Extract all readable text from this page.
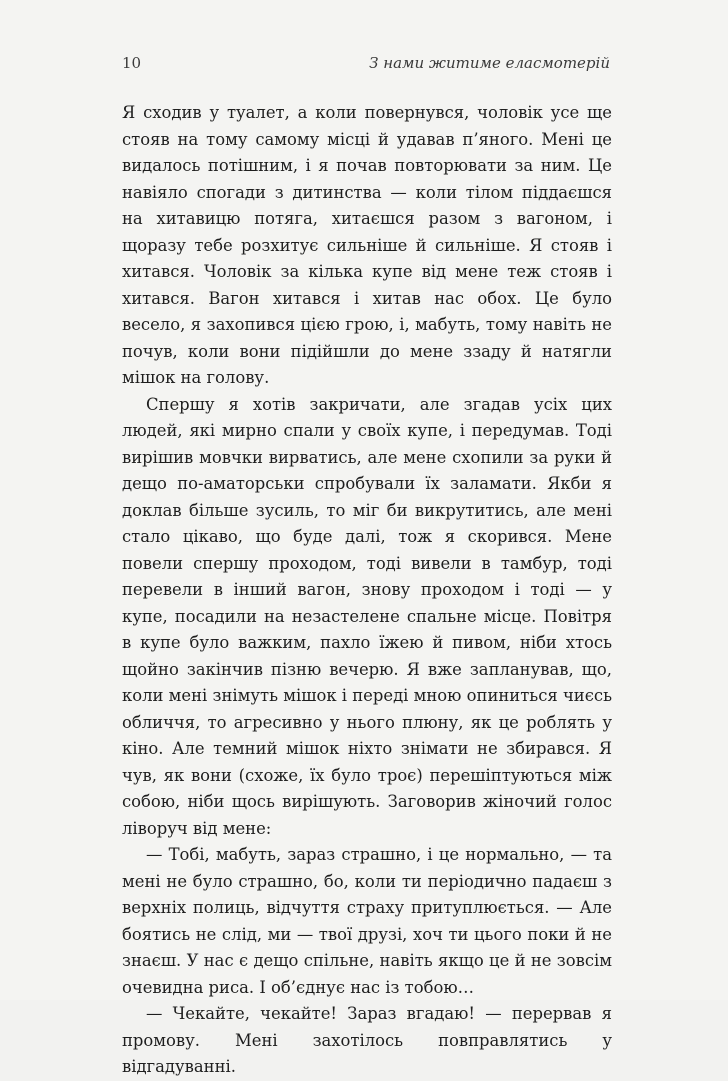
10	З нами житиме еласмотерій

Я сходив у туалет, а коли повернувся, чоловік усе ще стояв на тому самому місці й удавав п’яного. Мені це видалось потішним, і я почав повторювати за ним. Це навіяло спогади з дитинства — коли тілом піддаєшся на хитавицю потяга, хитаєшся разом з вагоном, і щоразу тебе розхитує сильніше й сильніше. Я стояв і хитався. Чоловік за кілька купе від мене теж стояв і хитався. Вагон хитався і хитав нас обох. Це було весело, я захопився цією грою, і, мабуть, тому навіть не почув, коли вони підійшли до мене ззаду й натягли мішок на голову.

Спершу я хотів закричати, але згадав усіх цих людей, які мирно спали у своїх купе, і передумав. Тоді вирішив мовчки вирватись, але мене схопили за руки й дещо по-аматорськи спробували їх заламати. Якби я доклав більше зусиль, то міг би викрутитись, але мені стало цікаво, що буде далі, тож я скорився. Мене повели спершу проходом, тоді вивели в тамбур, тоді перевели в інший вагон, знову проходом і тоді — у купе, посадили на незастелене спальне місце. Повітря в купе було важким, пахло їжею й пивом, ніби хтось щойно закінчив пізню вечерю. Я вже запланував, що, коли мені знімуть мішок і переді мною опиниться чиєсь обличчя, то агресивно у нього плюну, як це роблять у кіно. Але темний мішок ніхто знімати не збирався. Я чув, як вони (схоже, їх було троє) перешіптуються між собою, ніби щось вирішують. Заговорив жіночий голос ліворуч від мене:

— Тобі, мабуть, зараз страшно, і це нормально, — та мені не було страшно, бо, коли ти періодично падаєш з верхніх полиць, відчуття страху притуплюється. — Але боятись не слід, ми — твої друзі, хоч ти цього поки й не знаєш. У нас є дещо спільне, навіть якщо це й не зовсім очевидна риса. І об’єднує нас із тобою…

— Чекайте, чекайте! Зараз вгадаю! — перервав я промову. Мені захотілось повправлятись у відгадуванні.
